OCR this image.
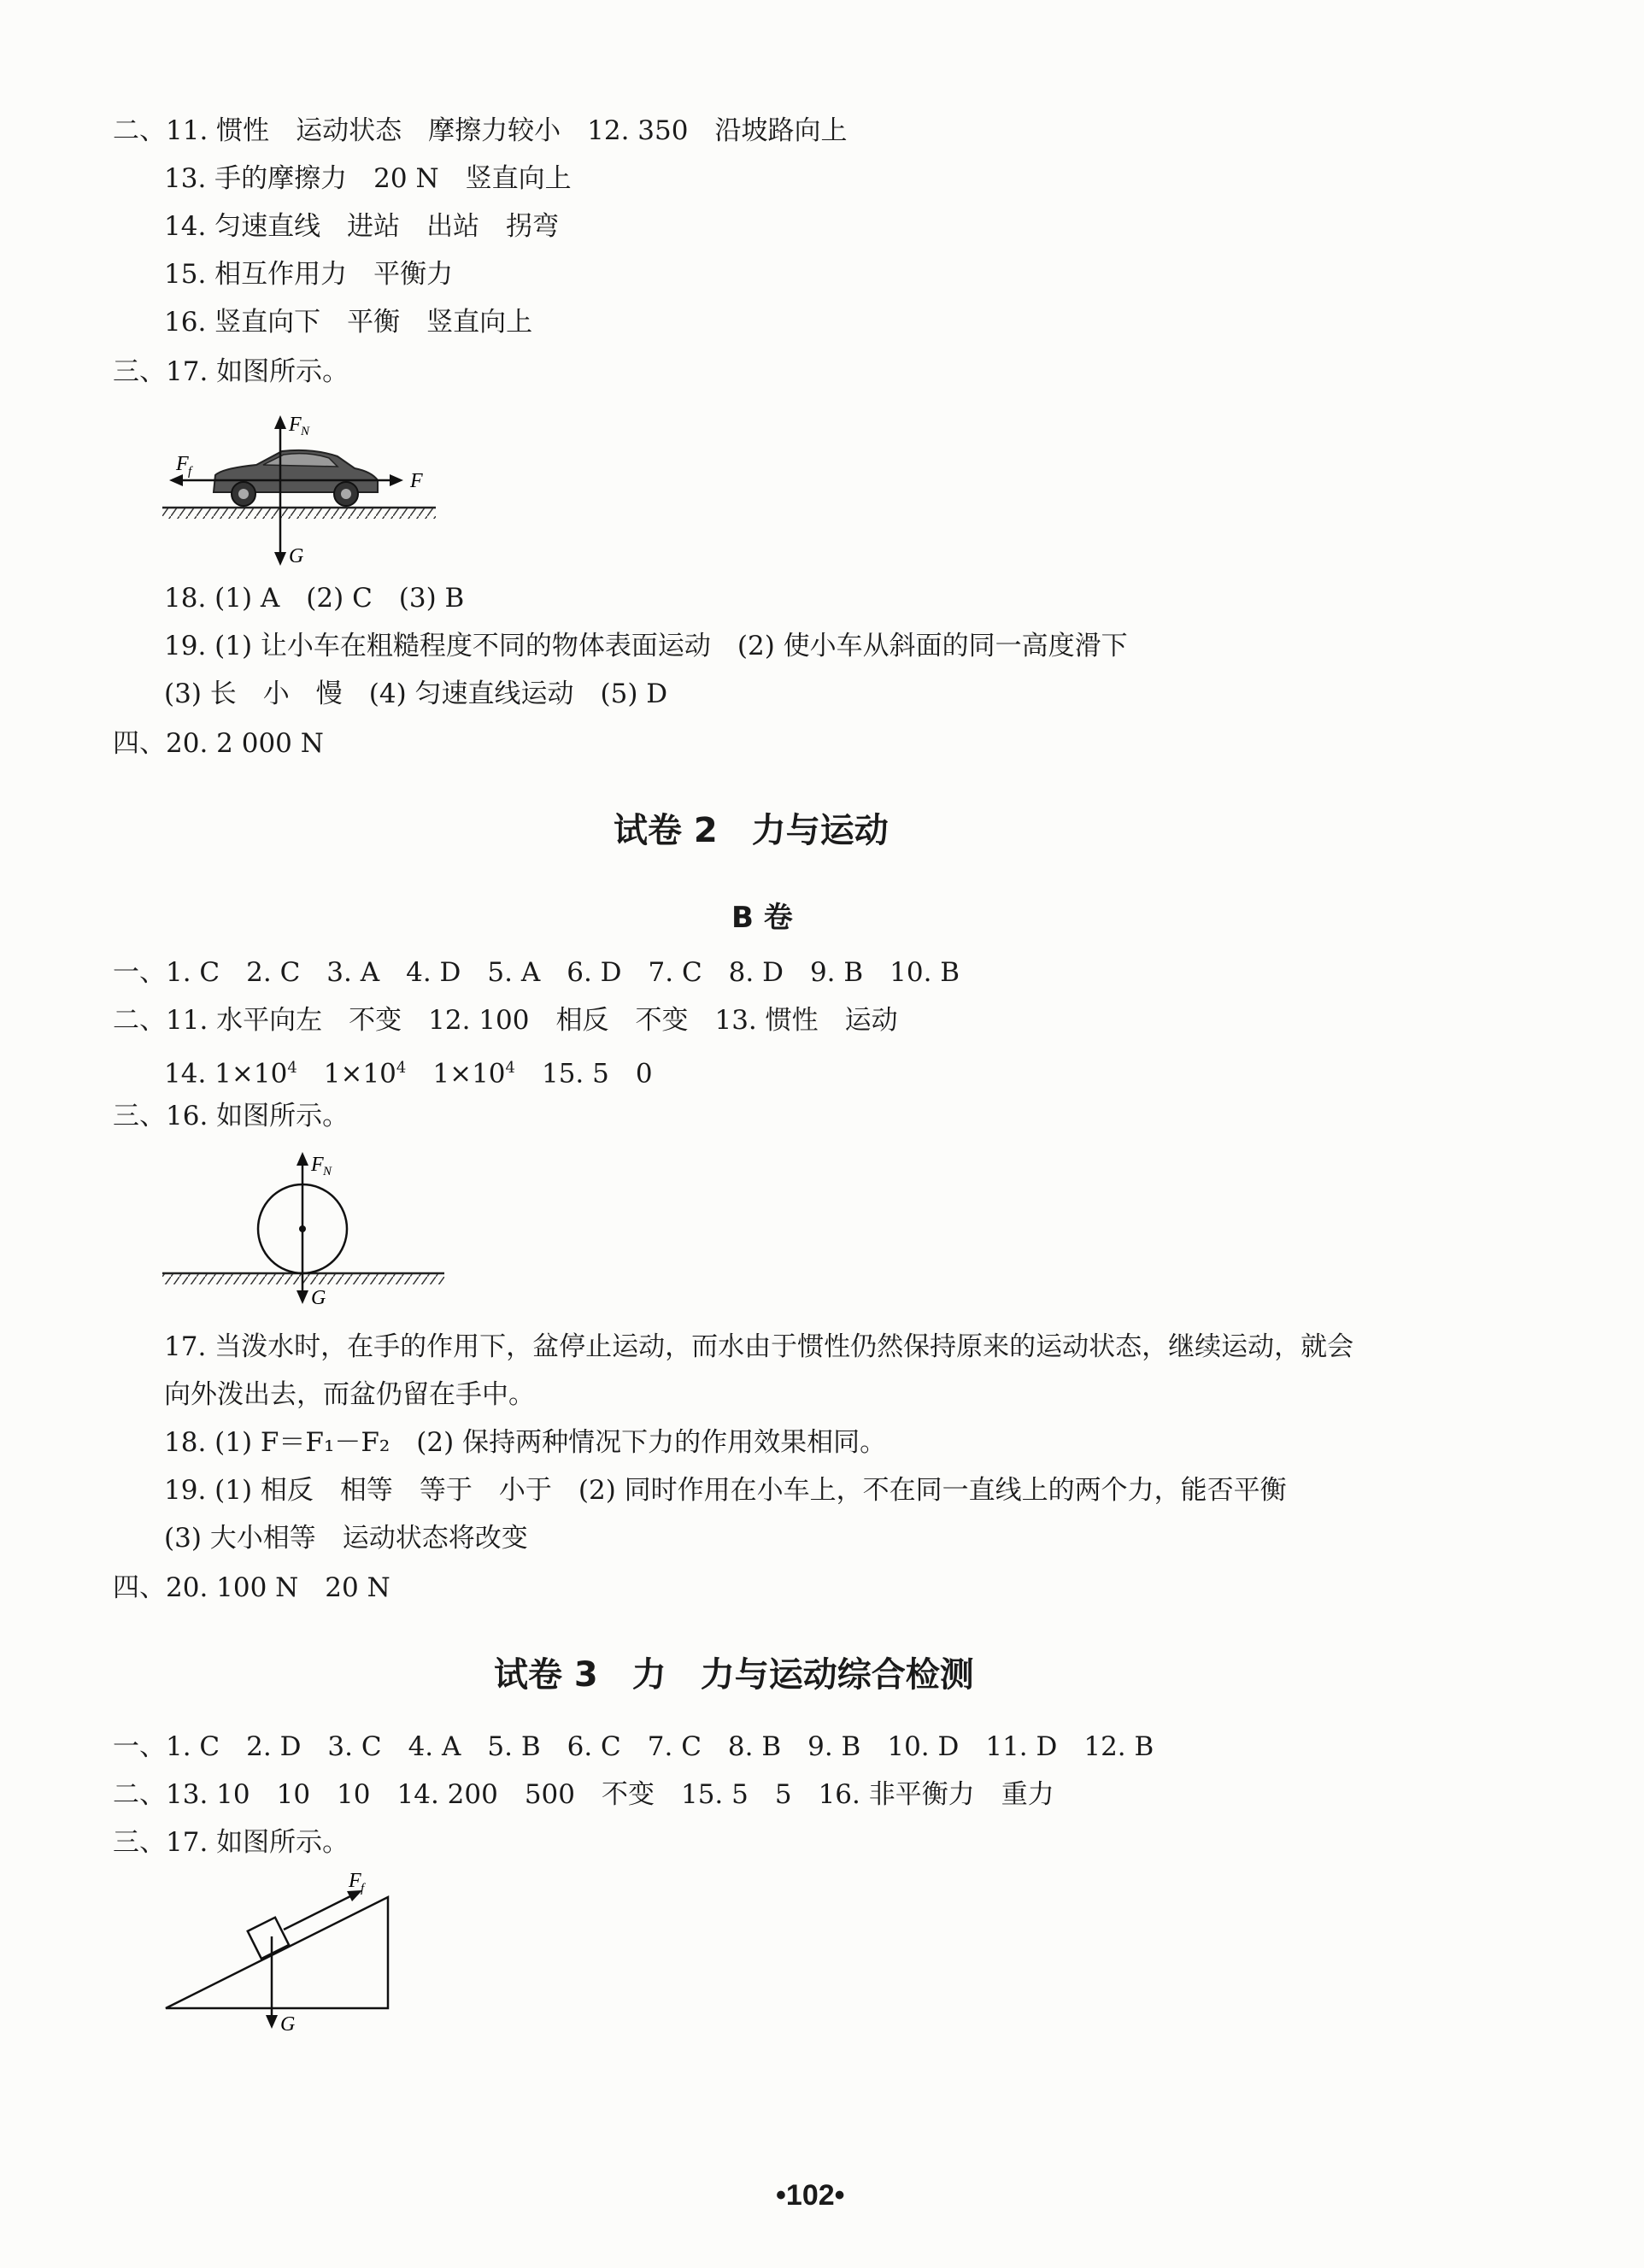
二、11. 惯性　运动状态　摩擦力较小　12. 350　沿坡路向上
13. 手的摩擦力　20 N　竖直向上
14. 匀速直线　进站　出站　拐弯
15. 相互作用力　平衡力
16. 竖直向下　平衡　竖直向上
三、17. 如图所示。
F N
F f	F
G
18. (1) A　(2) C　(3) B
19. (1) 让小车在粗糙程度不同的物体表面运动　(2) 使小车从斜面的同一高度滑下
(3) 长　小　慢　(4) 匀速直线运动　(5) D
四、20. 2 000 N
试卷 2　力与运动
B 卷
一、1. C　2. C　3. A　4. D　5. A　6. D　7. C　8. D　9. B　10. B
二、11. 水平向左　不变　12. 100　相反　不变　13. 惯性　运动
14. $1\times 10^4$　 $1\times 10^4$　 $1\times 10^4$　 15. 5　0
三、16. 如图所示。
F N
G
17. 当泼水时，在手的作用下，盆停止运动，而水由于惯性仍然保持原来的运动状态，继续运动，就会
向外泼出去，而盆仍留在手中。
18. (1) F＝F₁－F₂　(2) 保持两种情况下力的作用效果相同。
19. (1) 相反　相等　等于　小于　(2) 同时作用在小车上，不在同一直线上的两个力，能否平衡
(3) 大小相等　运动状态将改变
四、20. 100 N　20 N
试卷 3　力　力与运动综合检测
一、1. C　2. D　3. C　4. A　5. B　6. C　7. C　8. B　9. B　10. D　11. D　12. B
二、13. 10　10　10　14. 200　500　不变　15. 5　5　16. 非平衡力　重力
三、17. 如图所示。
F f
G
•102•
